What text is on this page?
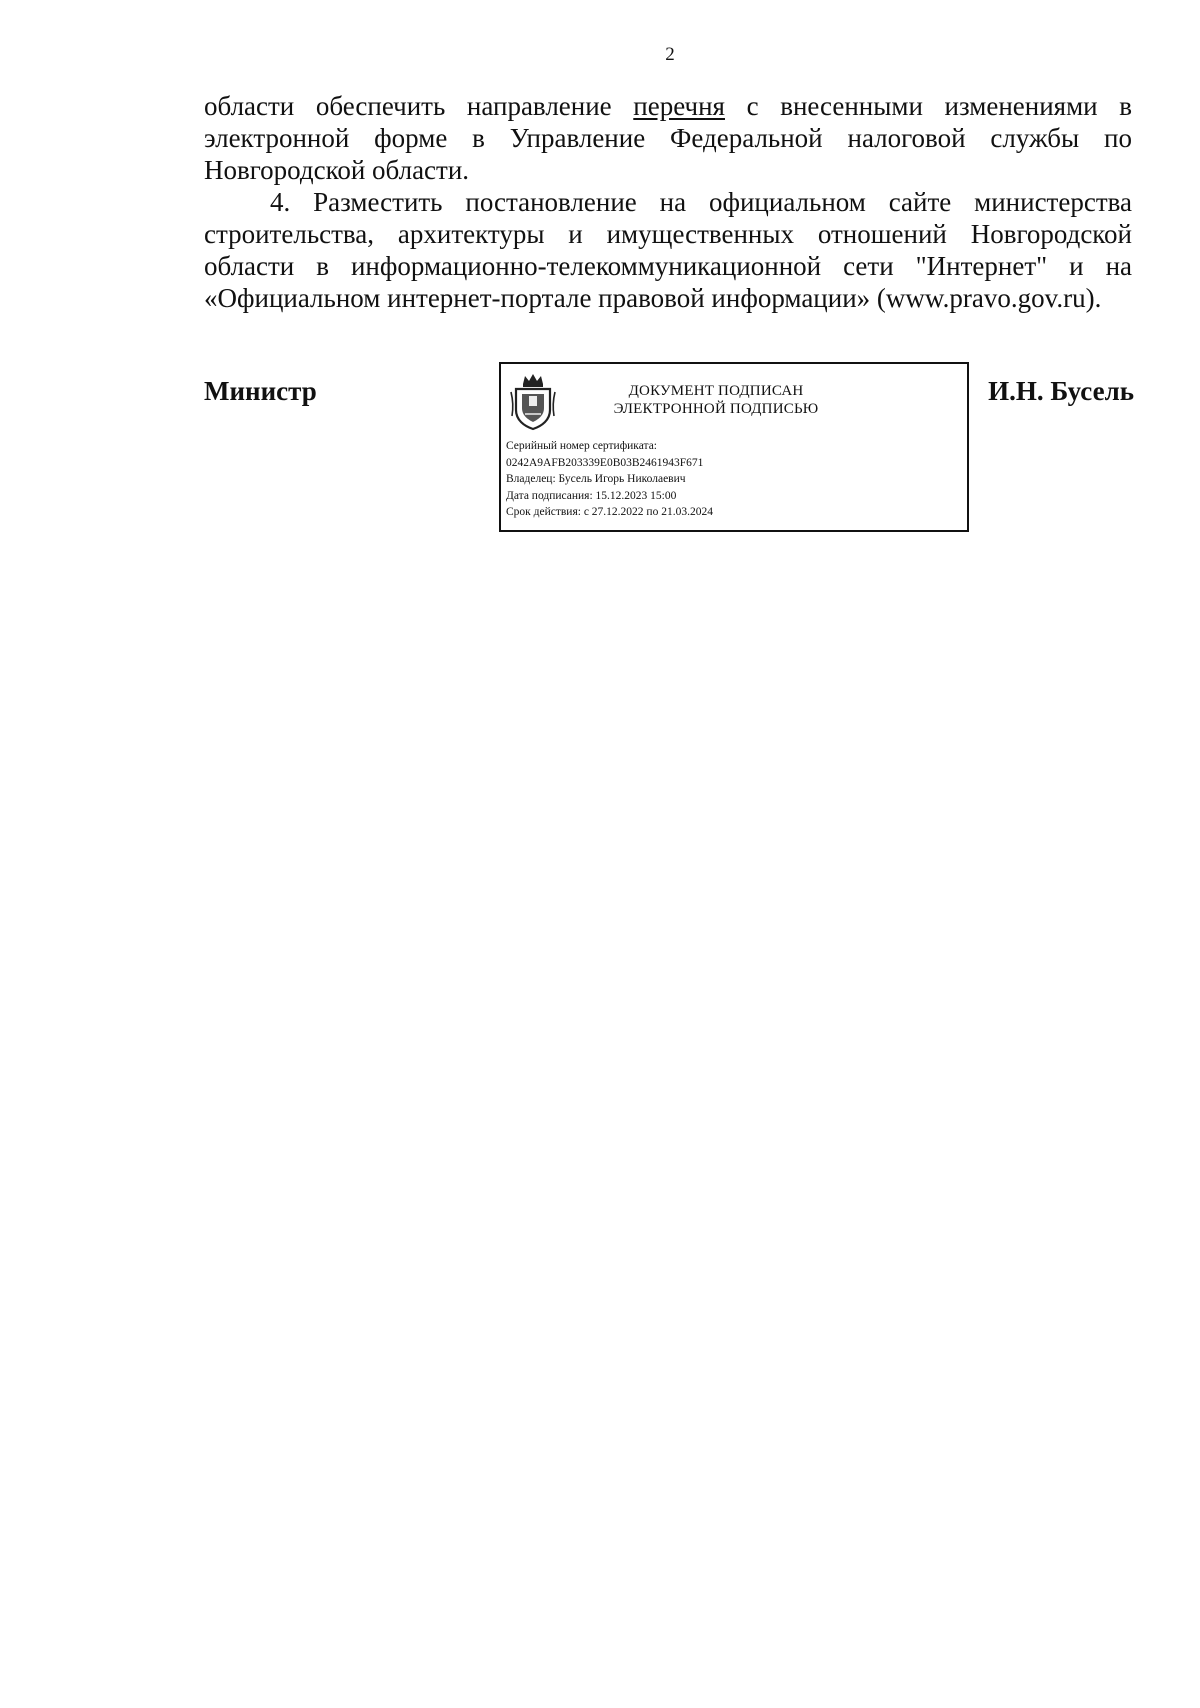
2

области обеспечить направление перечня с внесенными изменениями в электронной форме в Управление Федеральной налоговой службы по Новгородской области.

4. Разместить постановление на официальном сайте министерства строительства, архитектуры и имущественных отношений Новгородской области в информационно-телекоммуникационной сети "Интернет" и на «Официальном интернет-портале правовой информации» (www.pravo.gov.ru).

Министр	ДОКУМЕНТ ПОДПИСАН
ЭЛЕКТРОННОЙ ПОДПИСЬЮ
Серийный номер сертификата:
0242A9AFB203339E0B03B2461943F671
Владелец: Бусель Игорь Николаевич
Дата подписания: 15.12.2023 15:00
Срок действия: с 27.12.2022 по 21.03.2024
И.Н. Бусель
